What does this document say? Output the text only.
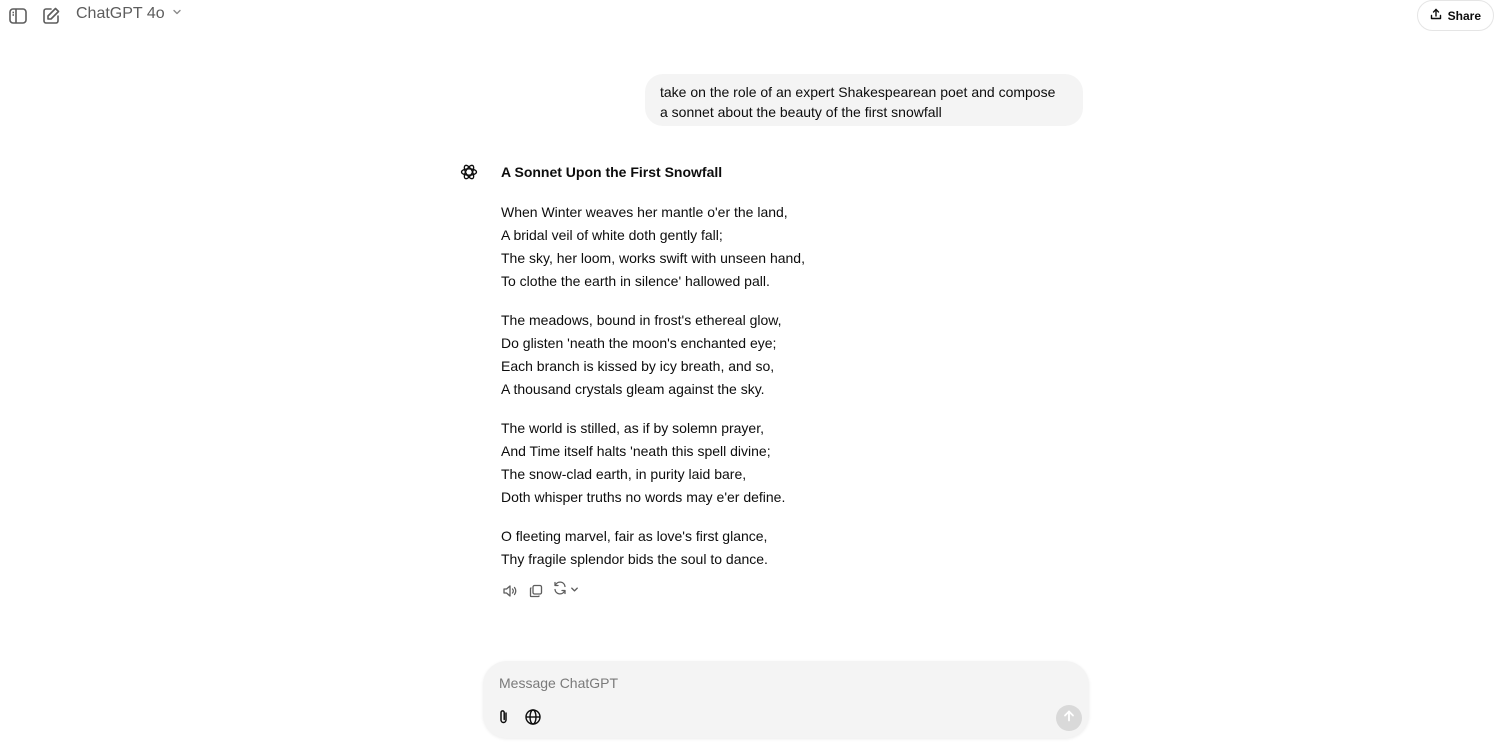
ChatGPT 4o	Share
take on the role of an expert Shakespearean poet and compose a sonnet about the beauty of the first snowfall
A Sonnet Upon the First Snowfall
When Winter weaves her mantle o'er the land,
A bridal veil of white doth gently fall;
The sky, her loom, works swift with unseen hand,
To clothe the earth in silence' hallowed pall.
The meadows, bound in frost's ethereal glow,
Do glisten 'neath the moon's enchanted eye;
Each branch is kissed by icy breath, and so,
A thousand crystals gleam against the sky.
The world is stilled, as if by solemn prayer,
And Time itself halts 'neath this spell divine;
The snow-clad earth, in purity laid bare,
Doth whisper truths no words may e'er define.
O fleeting marvel, fair as love's first glance,
Thy fragile splendor bids the soul to dance.
Message ChatGPT
